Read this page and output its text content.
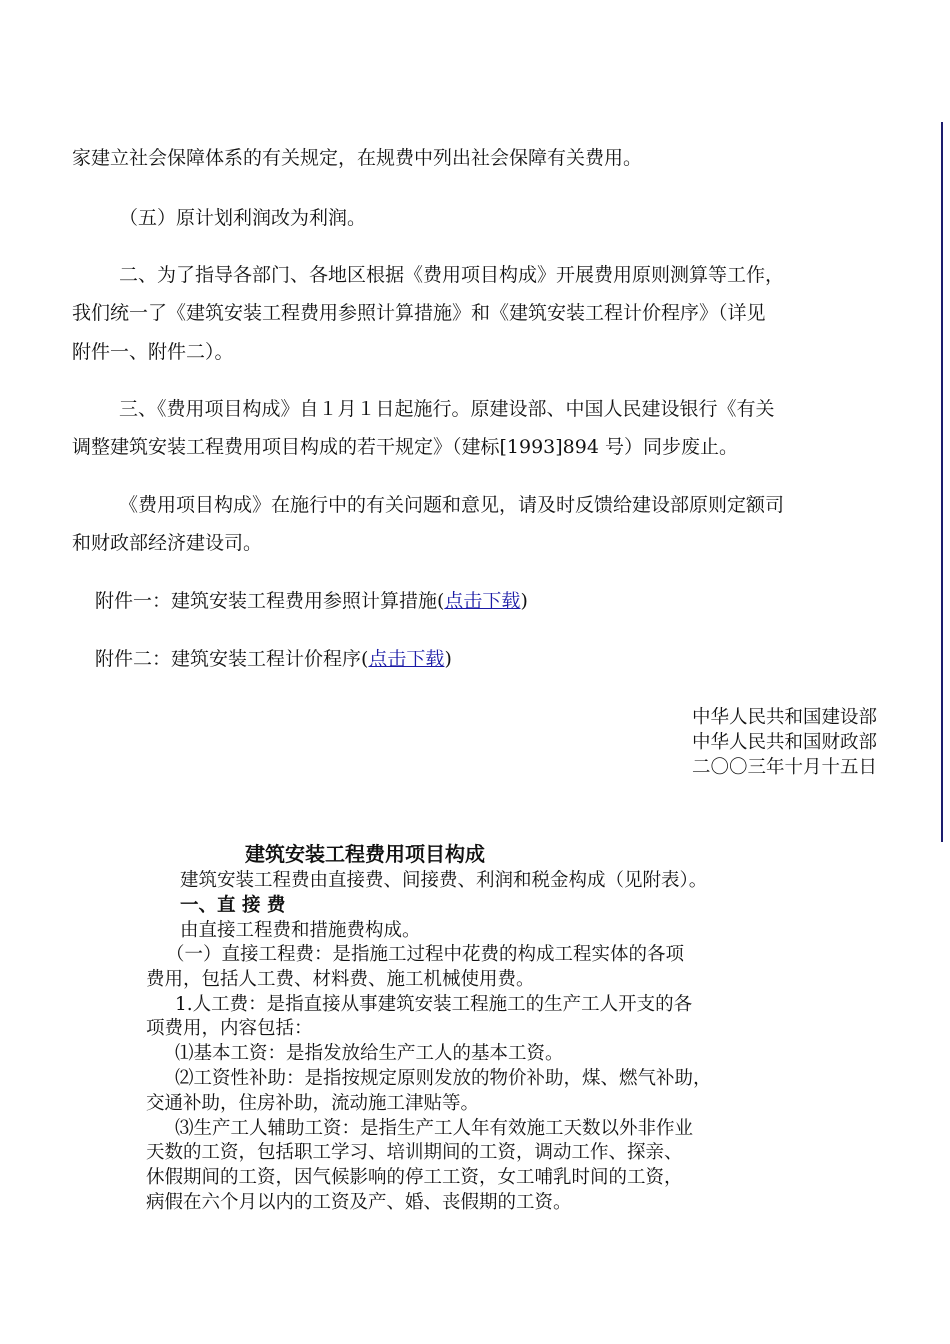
家建立社会保障体系的有关规定，在规费中列出社会保障有关费用。
（五）原计划利润改为利润。
二、为了指导各部门、各地区根据《费用项目构成》开展费用原则测算等工作，
我们统一了《建筑安装工程费用参照计算措施》和《建筑安装工程计价程序》（详见
附件一、附件二）。
三、《费用项目构成》自１月１日起施行。原建设部、中国人民建设银行《有关
调整建筑安装工程费用项目构成的若干规定》（建标[1993]894 号）同步废止。
《费用项目构成》在施行中的有关问题和意见，请及时反馈给建设部原则定额司
和财政部经济建设司。
附件一：建筑安装工程费用参照计算措施(点击下载)
附件二：建筑安装工程计价程序(点击下载)
中华人民共和国建设部
中华人民共和国财政部
二〇〇三年十月十五日
建筑安装工程费用项目构成
建筑安装工程费由直接费、间接费、利润和税金构成（见附表）。
一、直 接 费
由直接工程费和措施费构成。
（一）直接工程费：是指施工过程中花费的构成工程实体的各项
费用，包括人工费、材料费、施工机械使用费。
1.人工费：是指直接从事建筑安装工程施工的生产工人开支的各
项费用，内容包括：
⑴基本工资：是指发放给生产工人的基本工资。
⑵工资性补助：是指按规定原则发放的物价补助，煤、燃气补助，
交通补助，住房补助，流动施工津贴等。
⑶生产工人辅助工资：是指生产工人年有效施工天数以外非作业
天数的工资，包括职工学习、培训期间的工资，调动工作、探亲、
休假期间的工资，因气候影响的停工工资，女工哺乳时间的工资，
病假在六个月以内的工资及产、婚、丧假期的工资。
